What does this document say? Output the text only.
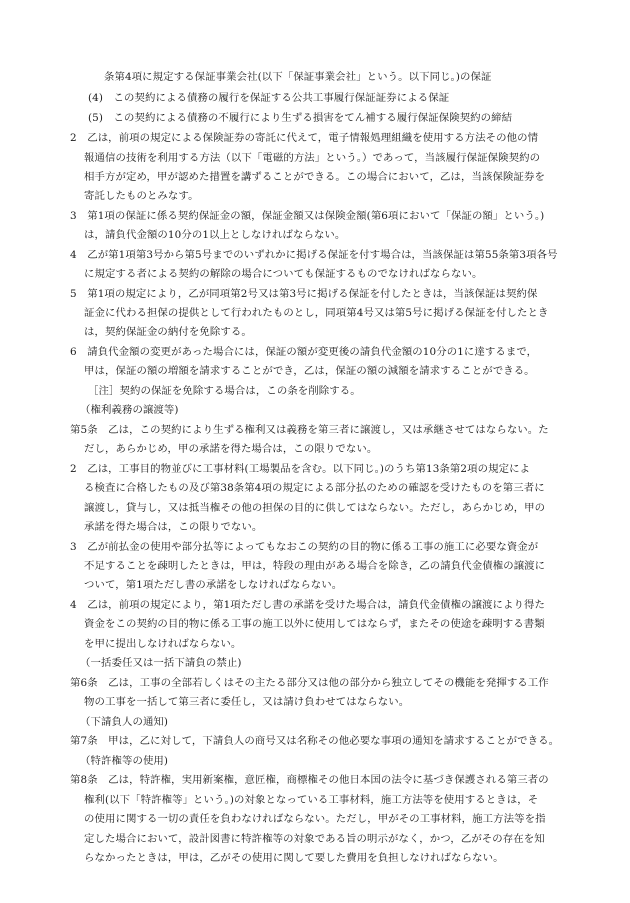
条第4項に規定する保証事業会社(以下「保証事業会社」という。以下同じ。)の保証
(4)　この契約による債務の履行を保証する公共工事履行保証証券による保証
(5)　この契約による債務の不履行により生ずる損害をてん補する履行保証保険契約の締結
2　乙は，前項の規定による保険証券の寄託に代えて，電子情報処理組織を使用する方法その他の情
報通信の技術を利用する方法（以下「電磁的方法」という。）であって，当該履行保証保険契約の
相手方が定め，甲が認めた措置を講ずることができる。この場合において，乙は，当該保険証券を
寄託したものとみなす。
3　第1項の保証に係る契約保証金の額，保証金額又は保険金額(第6項において「保証の額」という。)
は，請負代金額の10分の1以上としなければならない。
4　乙が第1項第3号から第5号までのいずれかに掲げる保証を付す場合は，当該保証は第55条第3項各号
に規定する者による契約の解除の場合についても保証するものでなければならない。
5　第1項の規定により，乙が同項第2号又は第3号に掲げる保証を付したときは，当該保証は契約保
証金に代わる担保の提供として行われたものとし，同項第4号又は第5号に掲げる保証を付したとき
は，契約保証金の納付を免除する。
6　請負代金額の変更があった場合には，保証の額が変更後の請負代金額の10分の1に達するまで，
甲は，保証の額の増額を請求することができ，乙は，保証の額の減額を請求することができる。
［注］契約の保証を免除する場合は，この条を削除する。
（権利義務の譲渡等)
第5条　乙は，この契約により生ずる権利又は義務を第三者に譲渡し，又は承継させてはならない。た
だし，あらかじめ，甲の承諾を得た場合は，この限りでない。
2　乙は，工事目的物並びに工事材料(工場製品を含む。以下同じ。)のうち第13条第2項の規定によ
る検査に合格したもの及び第38条第4項の規定による部分払のための確認を受けたものを第三者に
譲渡し，貸与し，又は抵当権その他の担保の目的に供してはならない。ただし，あらかじめ，甲の
承諾を得た場合は，この限りでない。
3　乙が前払金の使用や部分払等によってもなおこの契約の目的物に係る工事の施工に必要な資金が
不足することを疎明したときは，甲は，特段の理由がある場合を除き，乙の請負代金債権の譲渡に
ついて，第1項ただし書の承諾をしなければならない。
4　乙は，前項の規定により，第1項ただし書の承諾を受けた場合は，請負代金債権の譲渡により得た
資金をこの契約の目的物に係る工事の施工以外に使用してはならず，またその使途を疎明する書類
を甲に提出しなければならない。
（一括委任又は一括下請負の禁止)
第6条　乙は，工事の全部若しくはその主たる部分又は他の部分から独立してその機能を発揮する工作
物の工事を一括して第三者に委任し，又は請け負わせてはならない。
（下請負人の通知)
第7条　甲は，乙に対して，下請負人の商号又は名称その他必要な事項の通知を請求することができる。
（特許権等の使用)
第8条　乙は，特許権，実用新案権，意匠権，商標権その他日本国の法令に基づき保護される第三者の
権利(以下「特許権等」という。)の対象となっている工事材料，施工方法等を使用するときは，そ
の使用に関する一切の責任を負わなければならない。ただし，甲がその工事材料，施工方法等を指
定した場合において，設計図書に特許権等の対象である旨の明示がなく，かつ，乙がその存在を知
らなかったときは，甲は，乙がその使用に関して要した費用を負担しなければならない。
